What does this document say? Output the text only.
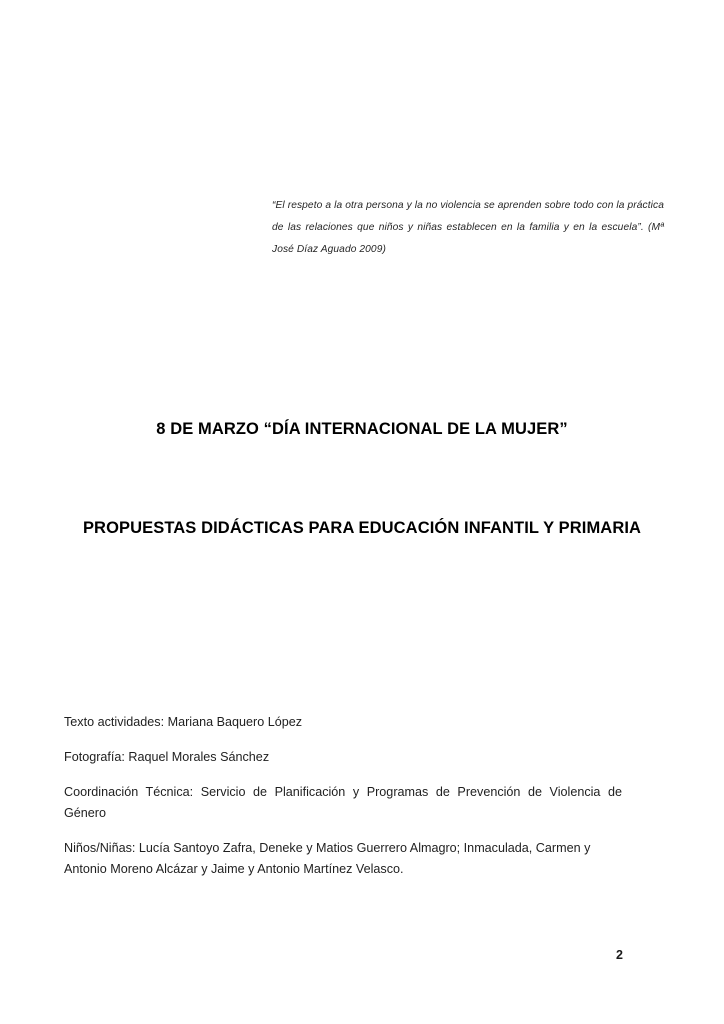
“El respeto a la otra persona y la no violencia se aprenden sobre todo con la práctica de las relaciones que niños y niñas establecen en la familia y en la escuela”. (Mª José Díaz Aguado 2009)
8 DE MARZO “DÍA INTERNACIONAL DE LA MUJER”
PROPUESTAS DIDÁCTICAS PARA EDUCACIÓN INFANTIL Y PRIMARIA

Texto actividades: Mariana Baquero López

Fotografía: Raquel Morales Sánchez

Coordinación Técnica: Servicio de Planificación y Programas de Prevención de Violencia de Género

Niños/Niñas: Lucía Santoyo Zafra, Deneke y Matios Guerrero Almagro; Inmaculada, Carmen y Antonio Moreno Alcázar y Jaime y Antonio Martínez Velasco.

2
